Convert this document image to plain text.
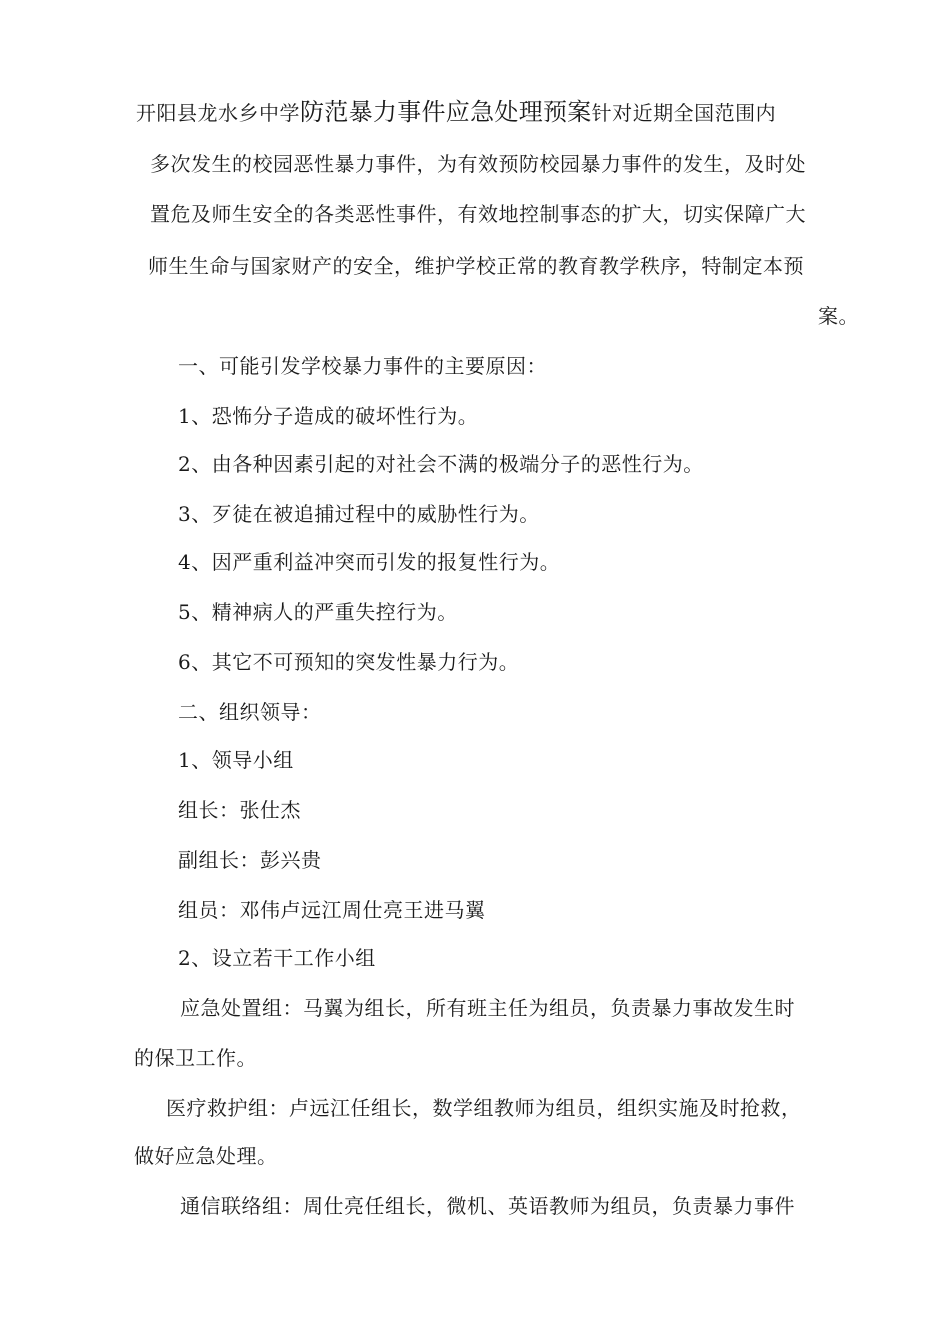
开阳县龙水乡中学防范暴力事件应急处理预案针对近期全国范围内
多次发生的校园恶性暴力事件，为有效预防校园暴力事件的发生，及时处
置危及师生安全的各类恶性事件，有效地控制事态的扩大，切实保障广大
师生生命与国家财产的安全，维护学校正常的教育教学秩序，特制定本预
案。
一、可能引发学校暴力事件的主要原因：
1、恐怖分子造成的破坏性行为。
2、由各种因素引起的对社会不满的极端分子的恶性行为。
3、歹徒在被追捕过程中的威胁性行为。
4、因严重利益冲突而引发的报复性行为。
5、精神病人的严重失控行为。
6、其它不可预知的突发性暴力行为。
二、组织领导：
1、领导小组
组长：张仕杰
副组长：彭兴贵
组员：邓伟卢远江周仕亮王进马翼
2、设立若干工作小组
应急处置组：马翼为组长，所有班主任为组员，负责暴力事故发生时
的保卫工作。
医疗救护组：卢远江任组长，数学组教师为组员，组织实施及时抢救，
做好应急处理。
通信联络组：周仕亮任组长，微机、英语教师为组员，负责暴力事件
